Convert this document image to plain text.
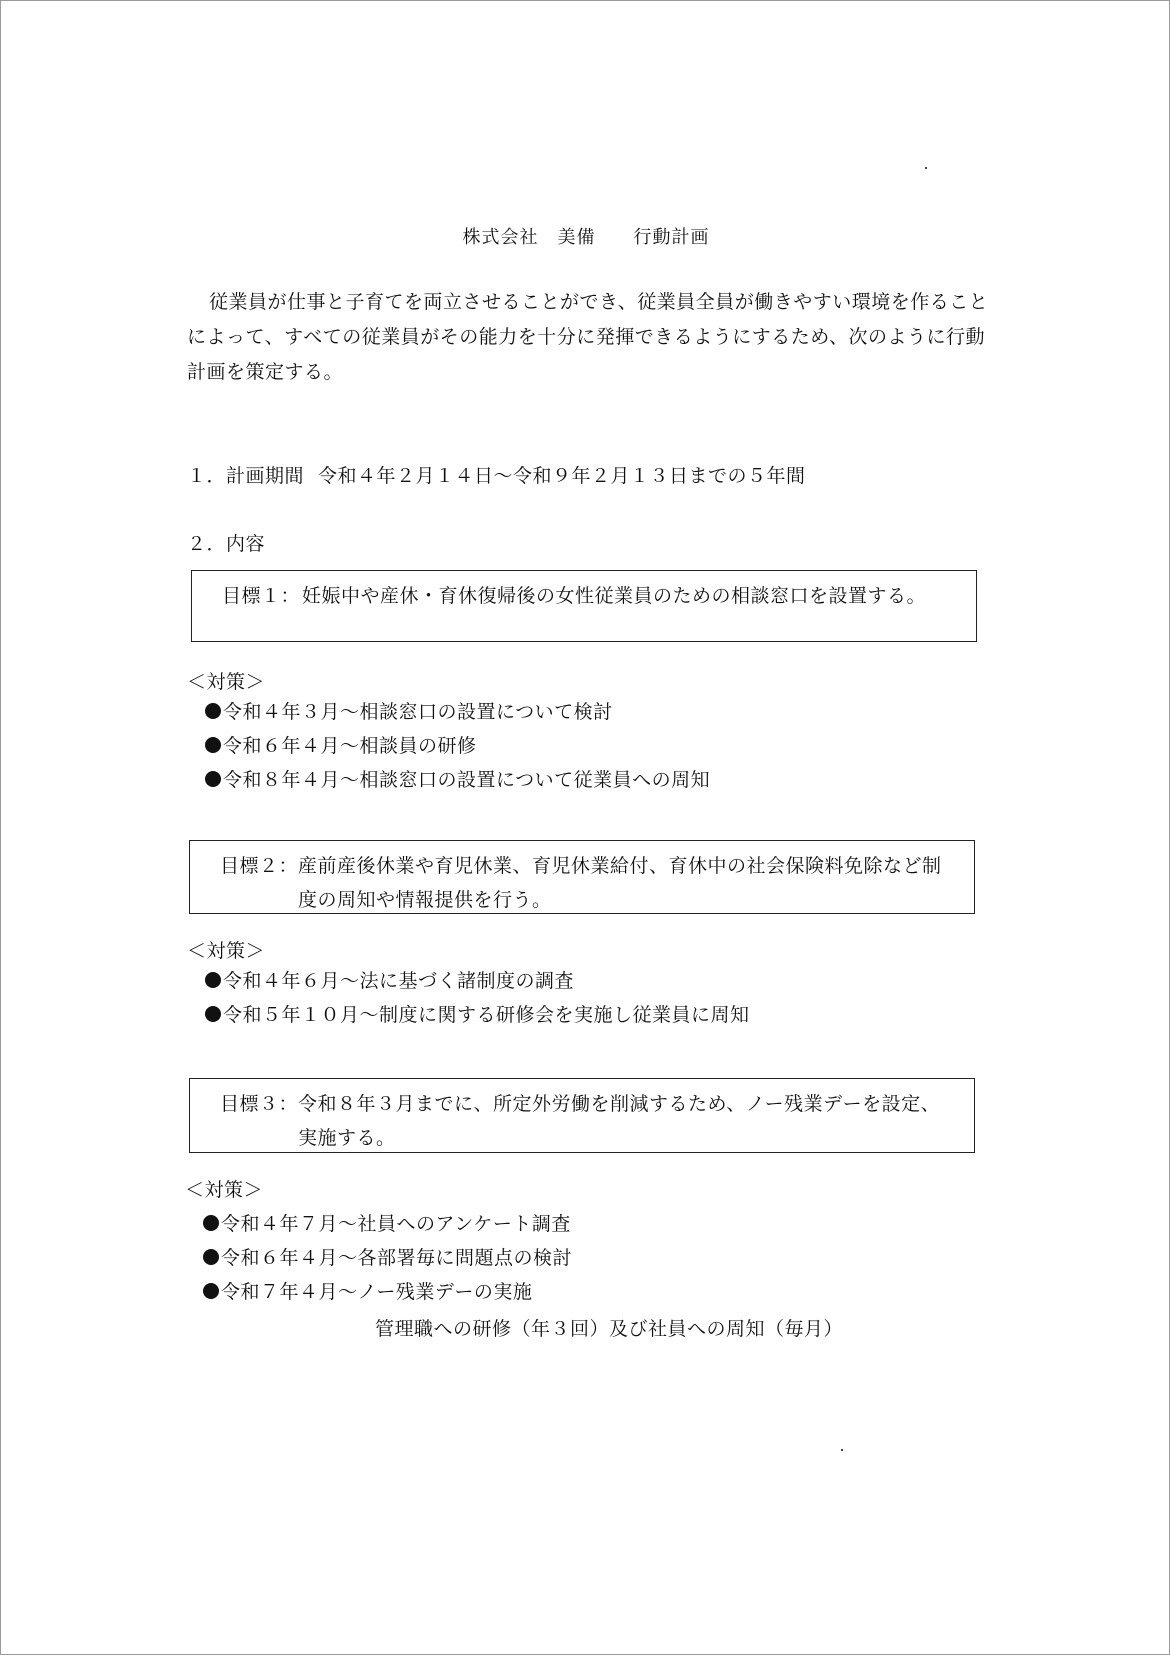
株式会社　美備　　行動計画

従業員が仕事と子育てを両立させることができ、従業員全員が働きやすい環境を作ることによって、すべての従業員がその能力を十分に発揮できるようにするため、次のように行動計画を策定する。

１．計画期間 令和４年２月１４日～令和９年２月１３日までの５年間
２．内容
目標１： 妊娠中や産休・育休復帰後の女性従業員のための相談窓口を設置する。
＜対策＞
令和４年３月～相談窓口の設置について検討
令和６年４月～相談員の研修
令和８年４月～相談窓口の設置について従業員への周知
目標２： 産前産後休業や育児休業、育児休業給付、育休中の社会保険料免除など制度の周知や情報提供を行う。
＜対策＞
令和４年６月～法に基づく諸制度の調査
令和５年１０月～制度に関する研修会を実施し従業員に周知
目標３： 令和８年３月までに、所定外労働を削減するため、ノー残業デーを設定、実施する。
＜対策＞
令和４年７月～社員へのアンケート調査
令和６年４月～各部署毎に問題点の検討
令和７年４月～ノー残業デーの実施
管理職への研修（年３回）及び社員への周知（毎月）
